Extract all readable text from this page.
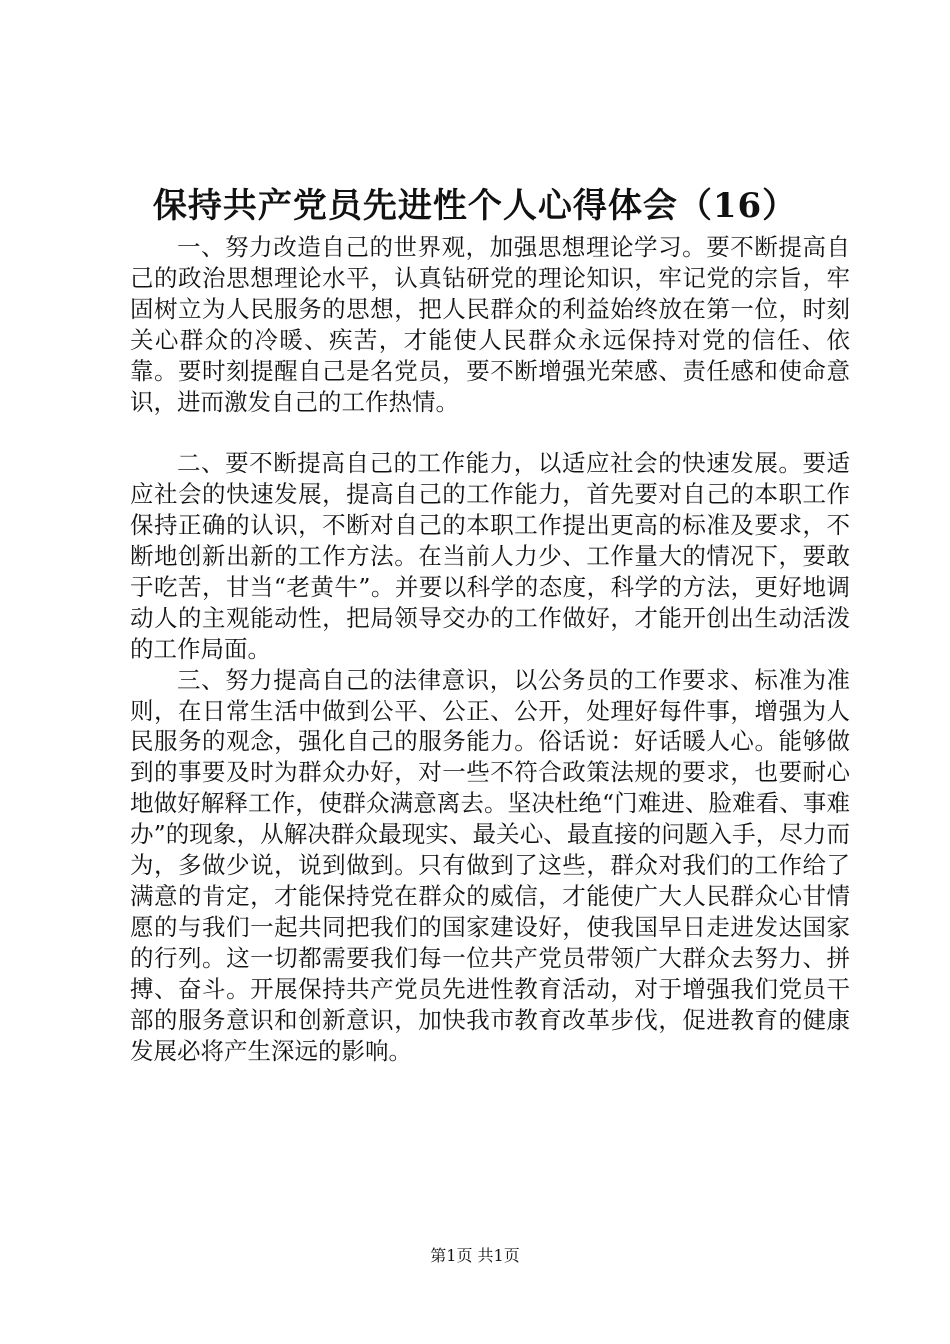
保持共产党员先进性个人心得体会（16）

一、努力改造自己的世界观，加强思想理论学习。要不断提高自己的政治思想理论水平，认真钻研党的理论知识，牢记党的宗旨，牢固树立为人民服务的思想，把人民群众的利益始终放在第一位，时刻关心群众的冷暖、疾苦，才能使人民群众永远保持对党的信任、依靠。要时刻提醒自己是名党员，要不断增强光荣感、责任感和使命意识，进而激发自己的工作热情。

二、要不断提高自己的工作能力，以适应社会的快速发展。要适应社会的快速发展，提高自己的工作能力，首先要对自己的本职工作保持正确的认识，不断对自己的本职工作提出更高的标准及要求，不断地创新出新的工作方法。在当前人力少、工作量大的情况下，要敢于吃苦，甘当“老黄牛”。并要以科学的态度，科学的方法，更好地调动人的主观能动性，把局领导交办的工作做好，才能开创出生动活泼的工作局面。

三、努力提高自己的法律意识，以公务员的工作要求、标准为准则，在日常生活中做到公平、公正、公开，处理好每件事，增强为人民服务的观念，强化自己的服务能力。俗话说：好话暖人心。能够做到的事要及时为群众办好，对一些不符合政策法规的要求，也要耐心地做好解释工作，使群众满意离去。坚决杜绝“门难进、脸难看、事难办”的现象，从解决群众最现实、最关心、最直接的问题入手，尽力而为，多做少说，说到做到。只有做到了这些，群众对我们的工作给了满意的肯定，才能保持党在群众的威信，才能使广大人民群众心甘情愿的与我们一起共同把我们的国家建设好，使我国早日走进发达国家的行列。这一切都需要我们每一位共产党员带领广大群众去努力、拼搏、奋斗。开展保持共产党员先进性教育活动，对于增强我们党员干部的服务意识和创新意识，加快我市教育改革步伐，促进教育的健康发展必将产生深远的影响。

第1页 共1页
